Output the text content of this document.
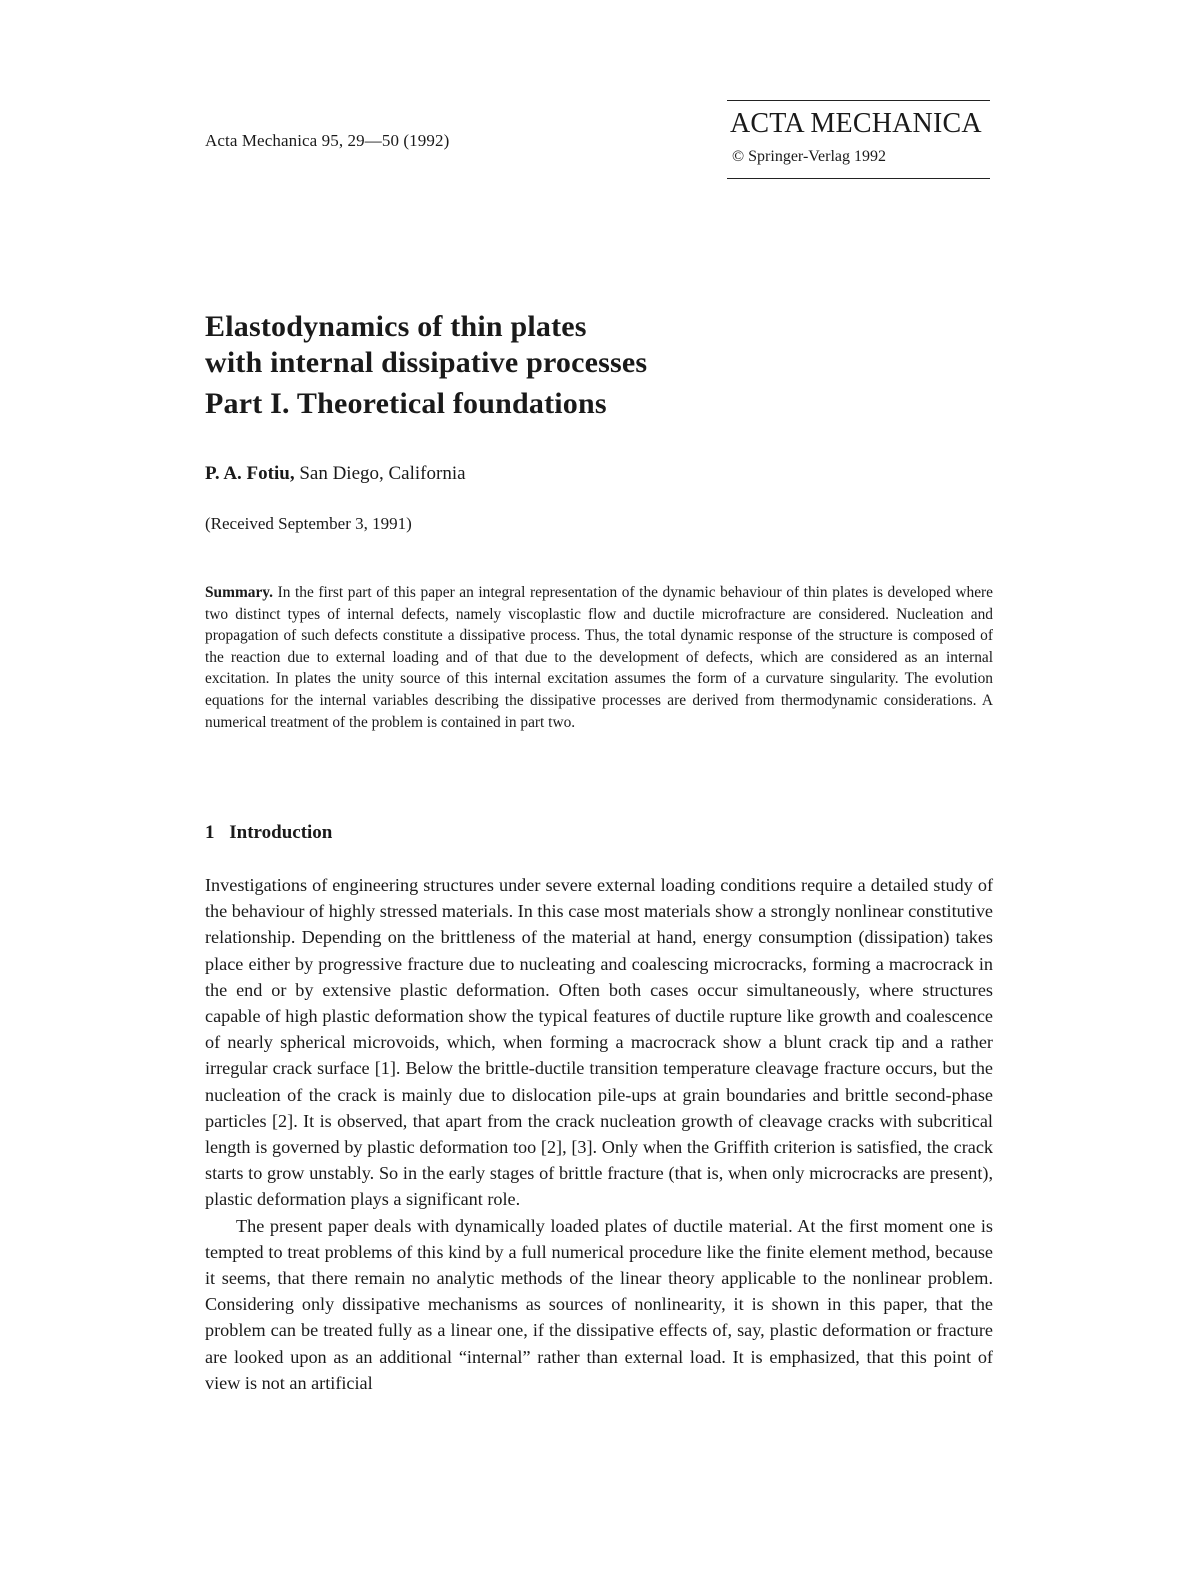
Acta Mechanica 95, 29—50 (1992)
ACTA MECHANICA
© Springer-Verlag 1992
Elastodynamics of thin plates
with internal dissipative processes
Part I. Theoretical foundations
P. A. Fotiu, San Diego, California
(Received September 3, 1991)
Summary. In the first part of this paper an integral representation of the dynamic behaviour of thin plates is developed where two distinct types of internal defects, namely viscoplastic flow and ductile microfracture are considered. Nucleation and propagation of such defects constitute a dissipative process. Thus, the total dynamic response of the structure is composed of the reaction due to external loading and of that due to the development of defects, which are considered as an internal excitation. In plates the unity source of this internal excitation assumes the form of a curvature singularity. The evolution equations for the internal variables describing the dissipative processes are derived from thermodynamic considerations. A numerical treatment of the problem is contained in part two.
1 Introduction

Investigations of engineering structures under severe external loading conditions require a detailed study of the behaviour of highly stressed materials. In this case most materials show a strongly nonlinear constitutive relationship. Depending on the brittleness of the material at hand, energy consumption (dissipation) takes place either by progressive fracture due to nucleating and coalescing microcracks, forming a macrocrack in the end or by extensive plastic deformation. Often both cases occur simultaneously, where structures capable of high plastic deformation show the typical features of ductile rupture like growth and coalescence of nearly spherical microvoids, which, when forming a macrocrack show a blunt crack tip and a rather irregular crack surface [1]. Below the brittle-ductile transition temperature cleavage fracture occurs, but the nucleation of the crack is mainly due to dislocation pile-ups at grain boundaries and brittle second-phase particles [2]. It is observed, that apart from the crack nucleation growth of cleavage cracks with subcritical length is governed by plastic deformation too [2], [3]. Only when the Griffith criterion is satisfied, the crack starts to grow unstably. So in the early stages of brittle fracture (that is, when only microcracks are present), plastic deformation plays a significant role.

The present paper deals with dynamically loaded plates of ductile material. At the first moment one is tempted to treat problems of this kind by a full numerical procedure like the finite element method, because it seems, that there remain no analytic methods of the linear theory applicable to the nonlinear problem. Considering only dissipative mechanisms as sources of nonlinearity, it is shown in this paper, that the problem can be treated fully as a linear one, if the dissipative effects of, say, plastic deformation or fracture are looked upon as an additional “internal” rather than external load. It is emphasized, that this point of view is not an artificial
